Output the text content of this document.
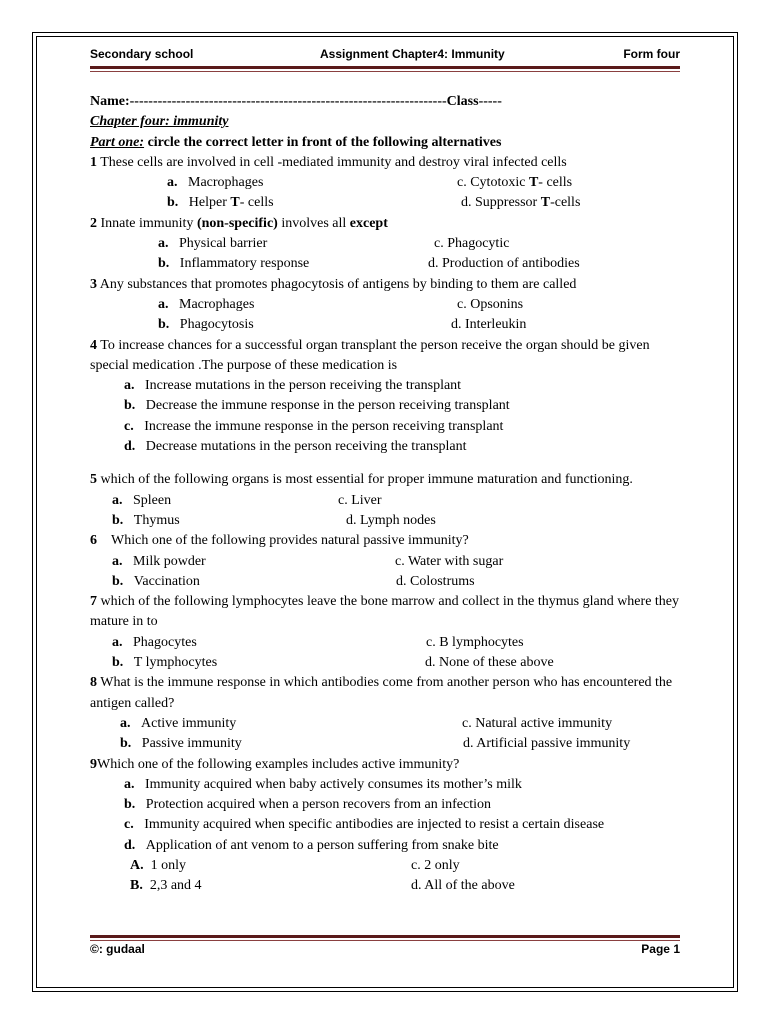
Secondary school	Assignment Chapter4: Immunity	Form four
Name:--------------------------------------------------------------------Class-----
Chapter four: immunity
Part one: circle the correct letter in front of the following alternatives
1 These cells are involved in cell -mediated immunity and destroy viral infected cells
a. Macrophages	c. Cytotoxic T- cells
b. Helper T- cells	d. Suppressor T-cells
2 Innate immunity (non-specific) involves all except
a. Physical barrier	c. Phagocytic
b. Inflammatory response	d. Production of antibodies
3 Any substances that promotes phagocytosis of antigens by binding to them are called
a. Macrophages	c. Opsonins
b. Phagocytosis	d. Interleukin
4 To increase chances for a successful organ transplant the person receive the organ should be given special medication .The purpose of these medication is
a. Increase mutations in the person receiving the transplant
b. Decrease the immune response in the person receiving transplant
c. Increase the immune response in the person receiving transplant
d. Decrease mutations in the person receiving the transplant
5 which of the following organs is most essential for proper immune maturation and functioning.
a. Spleen	c. Liver
b. Thymus	d. Lymph nodes
6 Which one of the following provides natural passive immunity?
a. Milk powder	c. Water with sugar
b. Vaccination	d. Colostrums
7 which of the following lymphocytes leave the bone marrow and collect in the thymus gland where they mature in to
a. Phagocytes	c. B lymphocytes
b. T lymphocytes	d. None of these above
8 What is the immune response in which antibodies come from another person who has encountered the antigen called?
a. Active immunity	c. Natural active immunity
b. Passive immunity	d. Artificial passive immunity
9Which one of the following examples includes active immunity?
a. Immunity acquired when baby actively consumes its mother’s milk
b. Protection acquired when a person recovers from an infection
c. Immunity acquired when specific antibodies are injected to resist a certain disease
d. Application of ant venom to a person suffering from snake bite
A. 1 only	c. 2 only
B. 2,3 and 4	d. All of the above
©: gudaal	Page 1
